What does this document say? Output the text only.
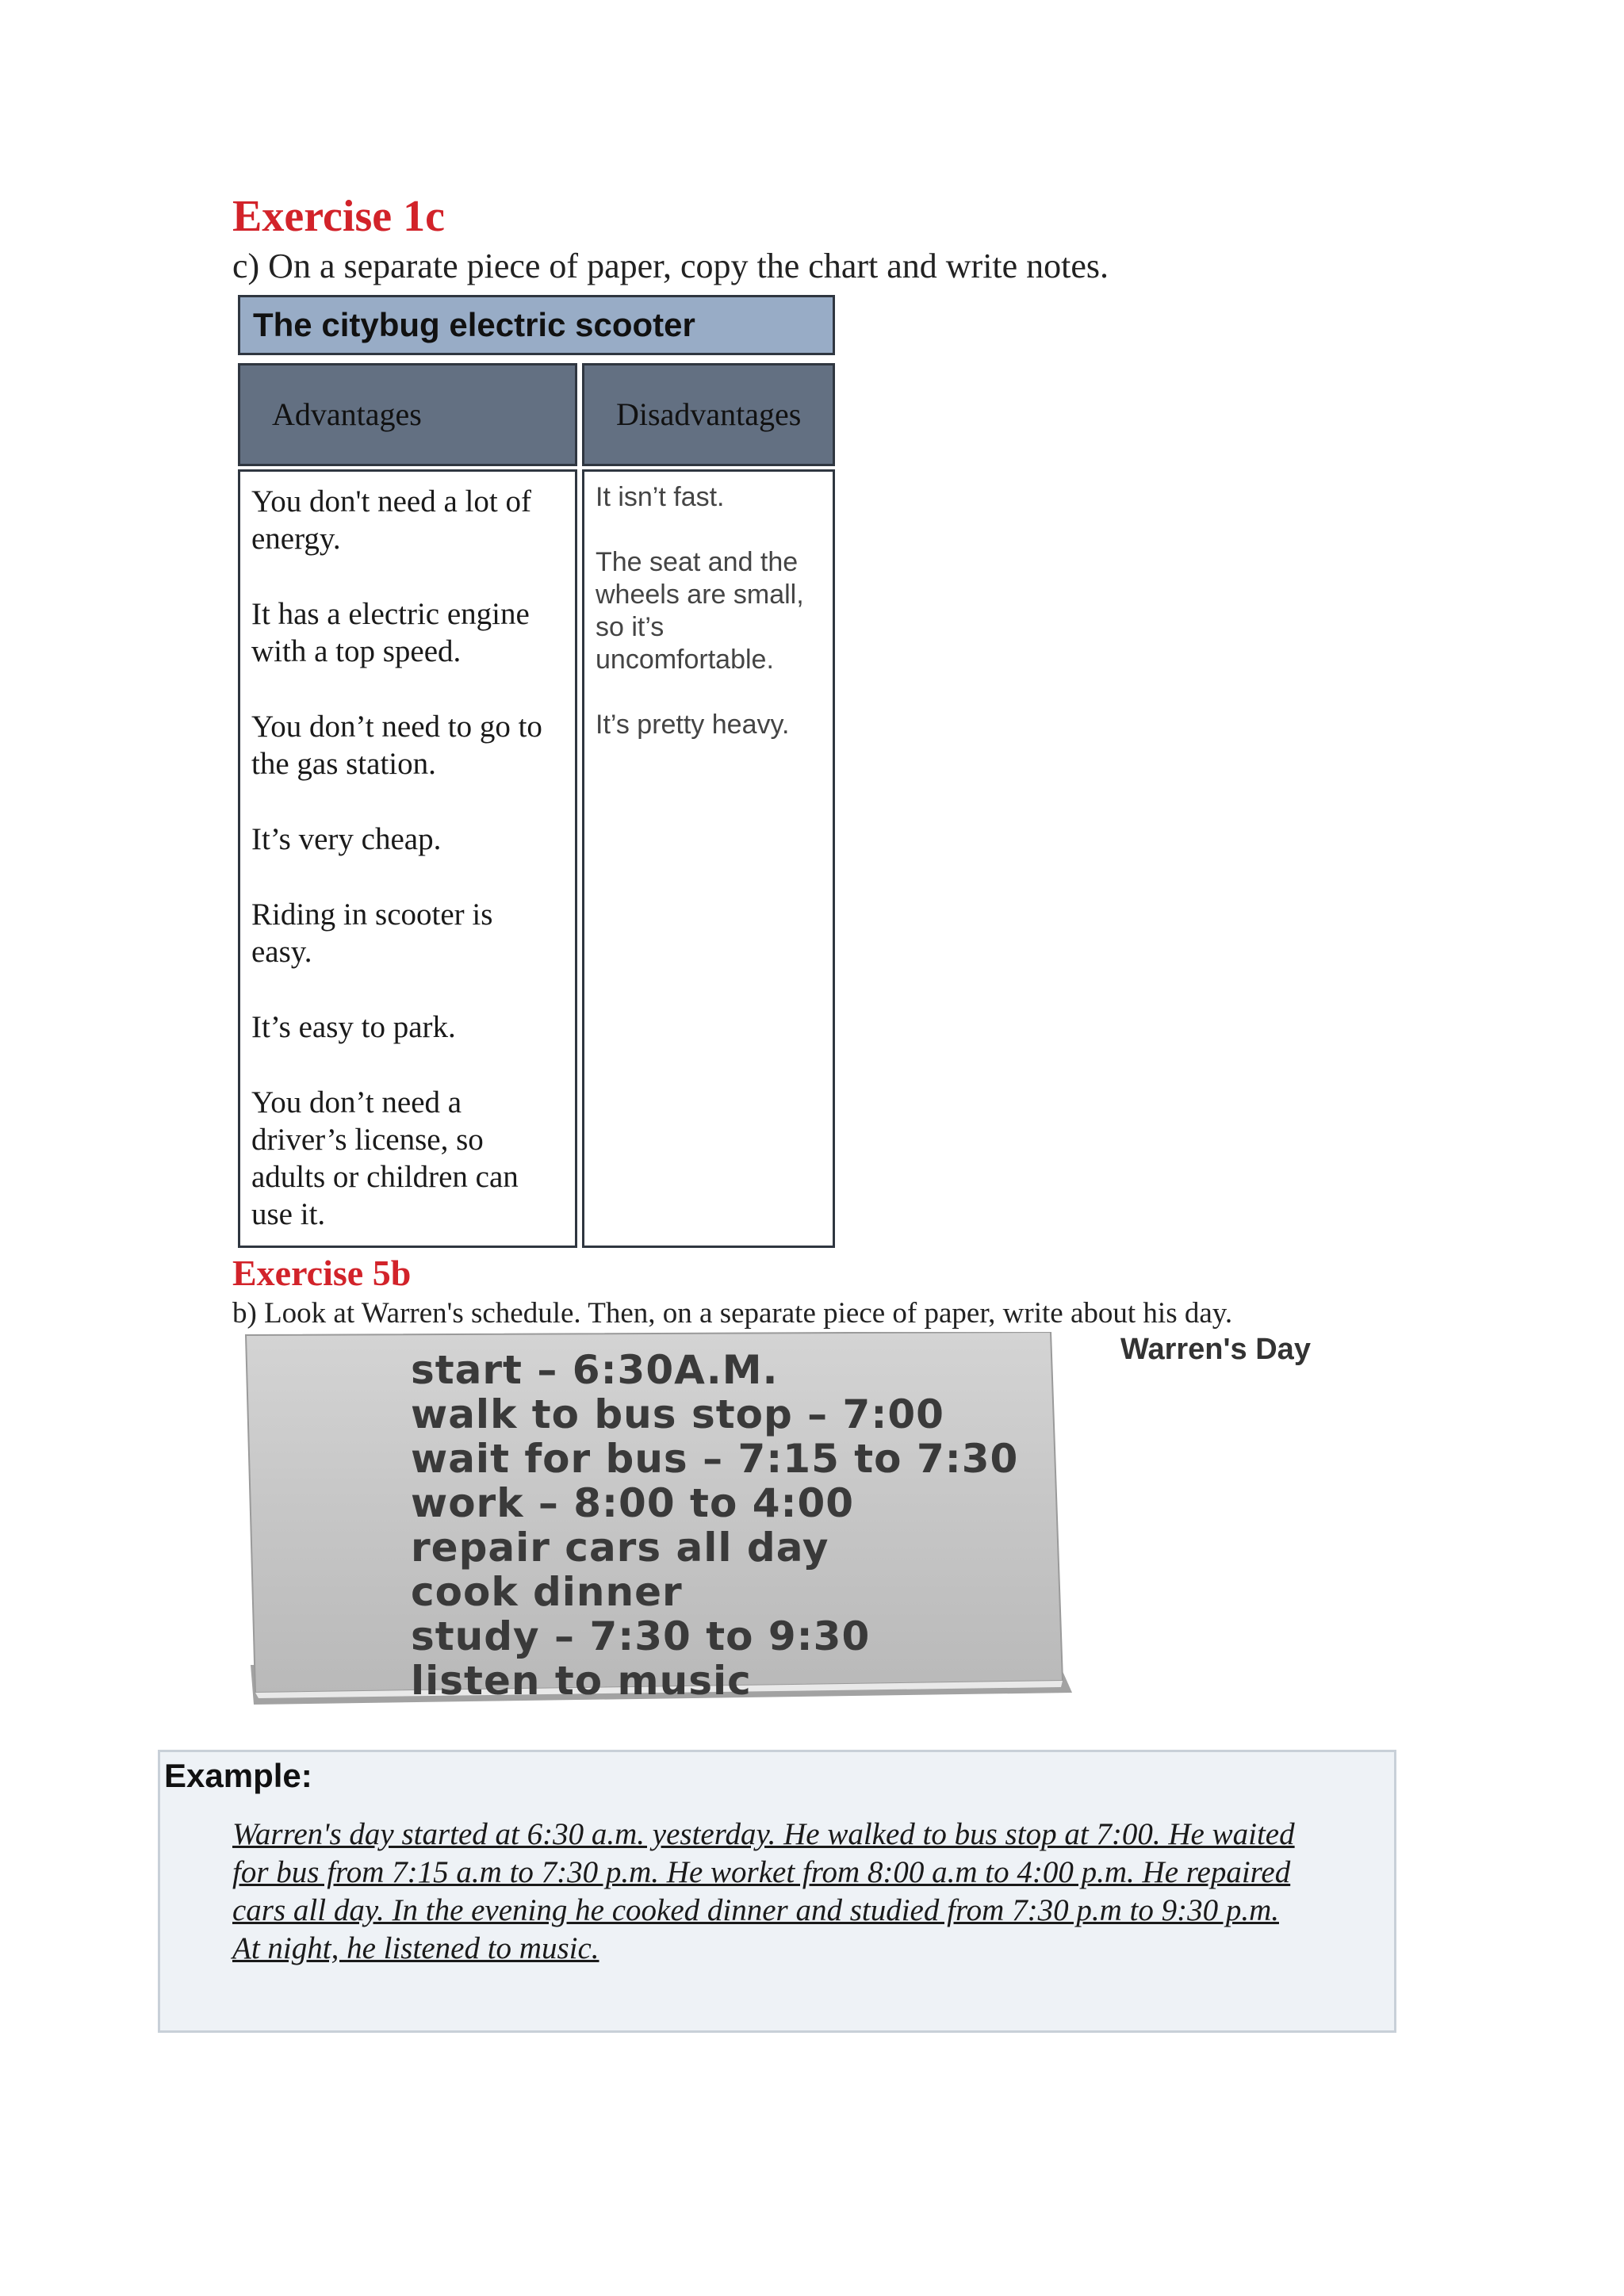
Exercise 1c
c) On a separate piece of paper, copy the chart and write notes.
The citybug electric scooter
Advantages	Disadvantages
You don't need a lot of
energy.
It has a electric engine
with a top speed.
You don’t need to go to
the gas station.
It’s very cheap.
Riding in scooter is
easy.
It’s easy to park.
You don’t need a
driver’s license, so
adults or children can
use it.
It isn’t fast.
The seat and the
wheels are small,
so it’s
uncomfortable.
It’s pretty heavy.
Exercise 5b
b) Look at Warren's schedule. Then, on a separate piece of paper, write about his day.
Warren's Day
start – 6:30A.M.
walk to bus stop – 7:00
wait for bus – 7:15 to 7:30
work – 8:00 to 4:00
repair cars all day
cook dinner
study – 7:30 to 9:30
listen to music
Example:
Warren's day started at 6:30 a.m. yesterday. He walked to bus stop at 7:00. He waited
for bus from 7:15 a.m to 7:30 p.m. He worket from 8:00 a.m to 4:00 p.m. He repaired
cars all day. In the evening he cooked dinner and studied from 7:30 p.m to 9:30 p.m.
At night, he listened to music.
